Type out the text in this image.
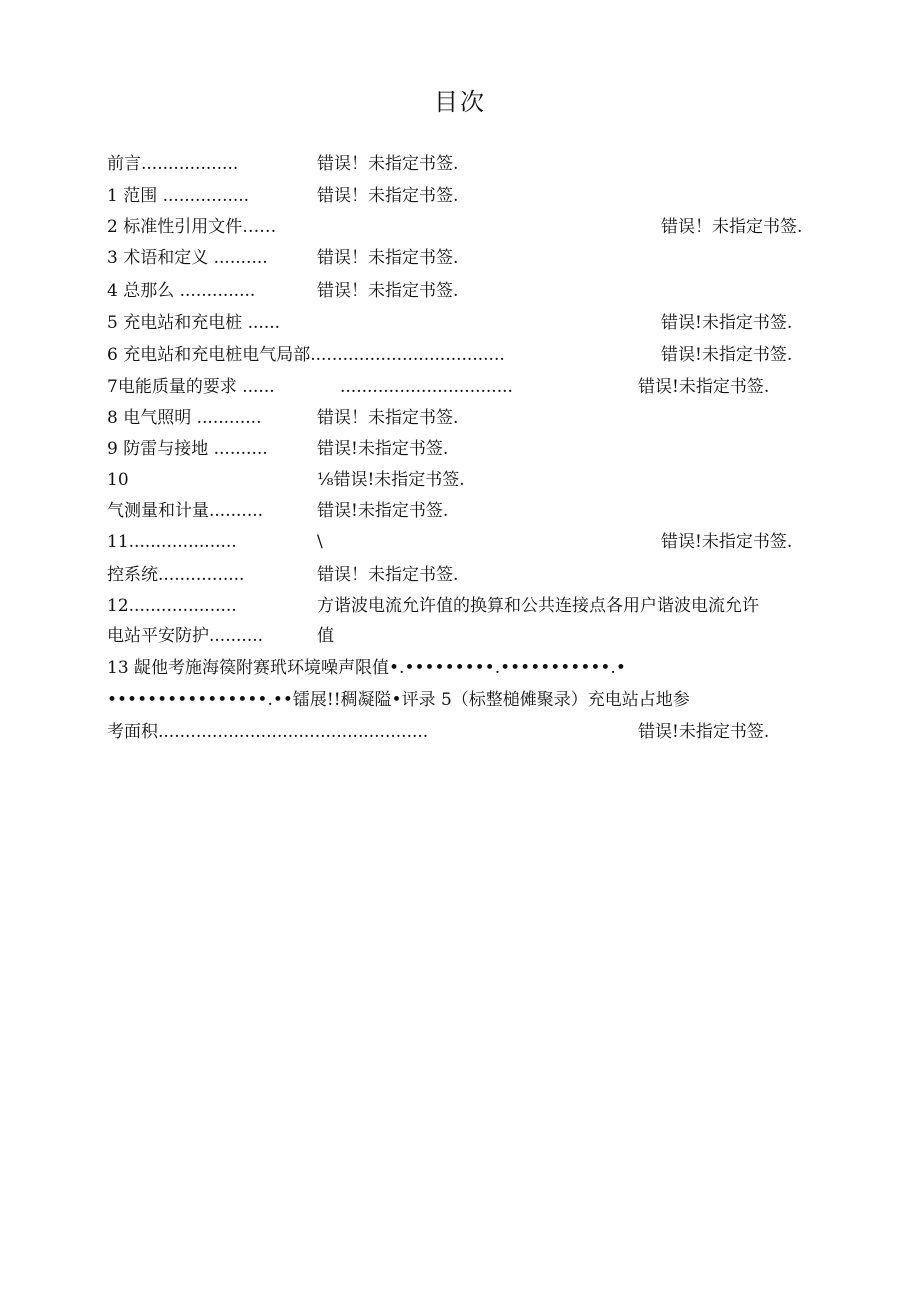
目次
前言..................	错误！未指定书签.
1 范围 ................	错误！未指定书签.
2 标准性引用文件……	错误！未指定书签.
3 术语和定义 ..........	错误！未指定书签.
4 总那么 ..............	错误！未指定书签.
5 充电站和充电桩 ......	错误!未指定书签.
6 充电站和充电桩电气局部....................................	错误!未指定书签.
7电能质量的要求 ......	................................	错误!未指定书签.
8 电气照明 ............	错误！未指定书签.
9 防雷与接地 ..........	错误!未指定书签.
10	⅛错误!未指定书签.
气测量和计量..........	错误!未指定书签.
11....................	\	错误!未指定书签.
控系统................	错误！未指定书签.
12....................	方谐波电流允许值的换算和公共连接点各用户谐波电流允许
电站平安防护..........	值
13 龊他考施海篌附赛玳环境噪声限值•.•••••••••.•••••••••••.•
••••••••••••••••.••镭展!!稠凝隘•评录 5（标整槌傩聚录）充电站占地参
考面积..................................................	错误!未指定书签.
